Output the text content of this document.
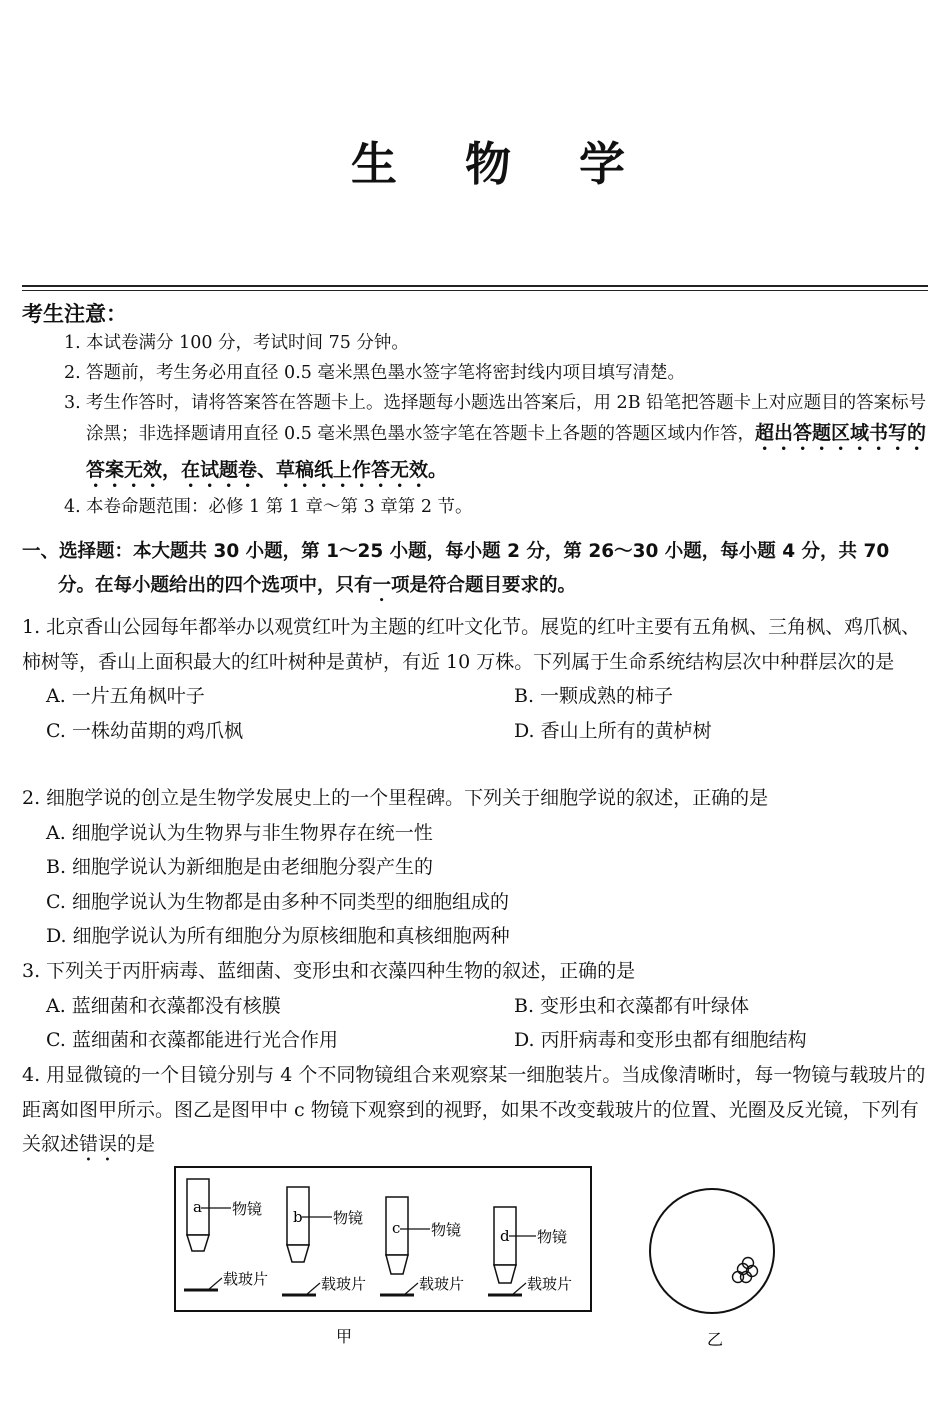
生 物 学
考生注意：
1. 本试卷满分 100 分，考试时间 75 分钟。
2. 答题前，考生务必用直径 0.5 毫米黑色墨水签字笔将密封线内项目填写清楚。
3. 考生作答时，请将答案答在答题卡上。选择题每小题选出答案后，用 2B 铅笔把答题卡上对应题目的答案标号涂黑；非选择题请用直径 0.5 毫米黑色墨水签字笔在答题卡上各题的答题区域内作答，超出答题区域书写的答案无效，在试题卷、草稿纸上作答无效。
4. 本卷命题范围：必修 1 第 1 章～第 3 章第 2 节。
一、选择题：本大题共 30 小题，第 1～25 小题，每小题 2 分，第 26～30 小题，每小题 4 分，共 70
分。在每小题给出的四个选项中，只有一项是符合题目要求的。
1. 北京香山公园每年都举办以观赏红叶为主题的红叶文化节。展览的红叶主要有五角枫、三角枫、鸡爪枫、柿树等，香山上面积最大的红叶树种是黄栌，有近 10 万株。下列属于生命系统结构层次中种群层次的是
A. 一片五角枫叶子	B. 一颗成熟的柿子
C. 一株幼苗期的鸡爪枫	D. 香山上所有的黄栌树
2. 细胞学说的创立是生物学发展史上的一个里程碑。下列关于细胞学说的叙述，正确的是
A. 细胞学说认为生物界与非生物界存在统一性
B. 细胞学说认为新细胞是由老细胞分裂产生的
C. 细胞学说认为生物都是由多种不同类型的细胞组成的
D. 细胞学说认为所有细胞分为原核细胞和真核细胞两种
3. 下列关于丙肝病毒、蓝细菌、变形虫和衣藻四种生物的叙述，正确的是
A. 蓝细菌和衣藻都没有核膜	B. 变形虫和衣藻都有叶绿体
C. 蓝细菌和衣藻都能进行光合作用	D. 丙肝病毒和变形虫都有细胞结构
4. 用显微镜的一个目镜分别与 4 个不同物镜组合来观察某一细胞装片。当成像清晰时，每一物镜与载玻片的距离如图甲所示。图乙是图甲中 c 物镜下观察到的视野，如果不改变载玻片的位置、光圈及反光镜，下列有关叙述错误的是
a 物镜
载玻片
b 物镜
载玻片
c 物镜
载玻片
d 物镜
载玻片
甲	乙
